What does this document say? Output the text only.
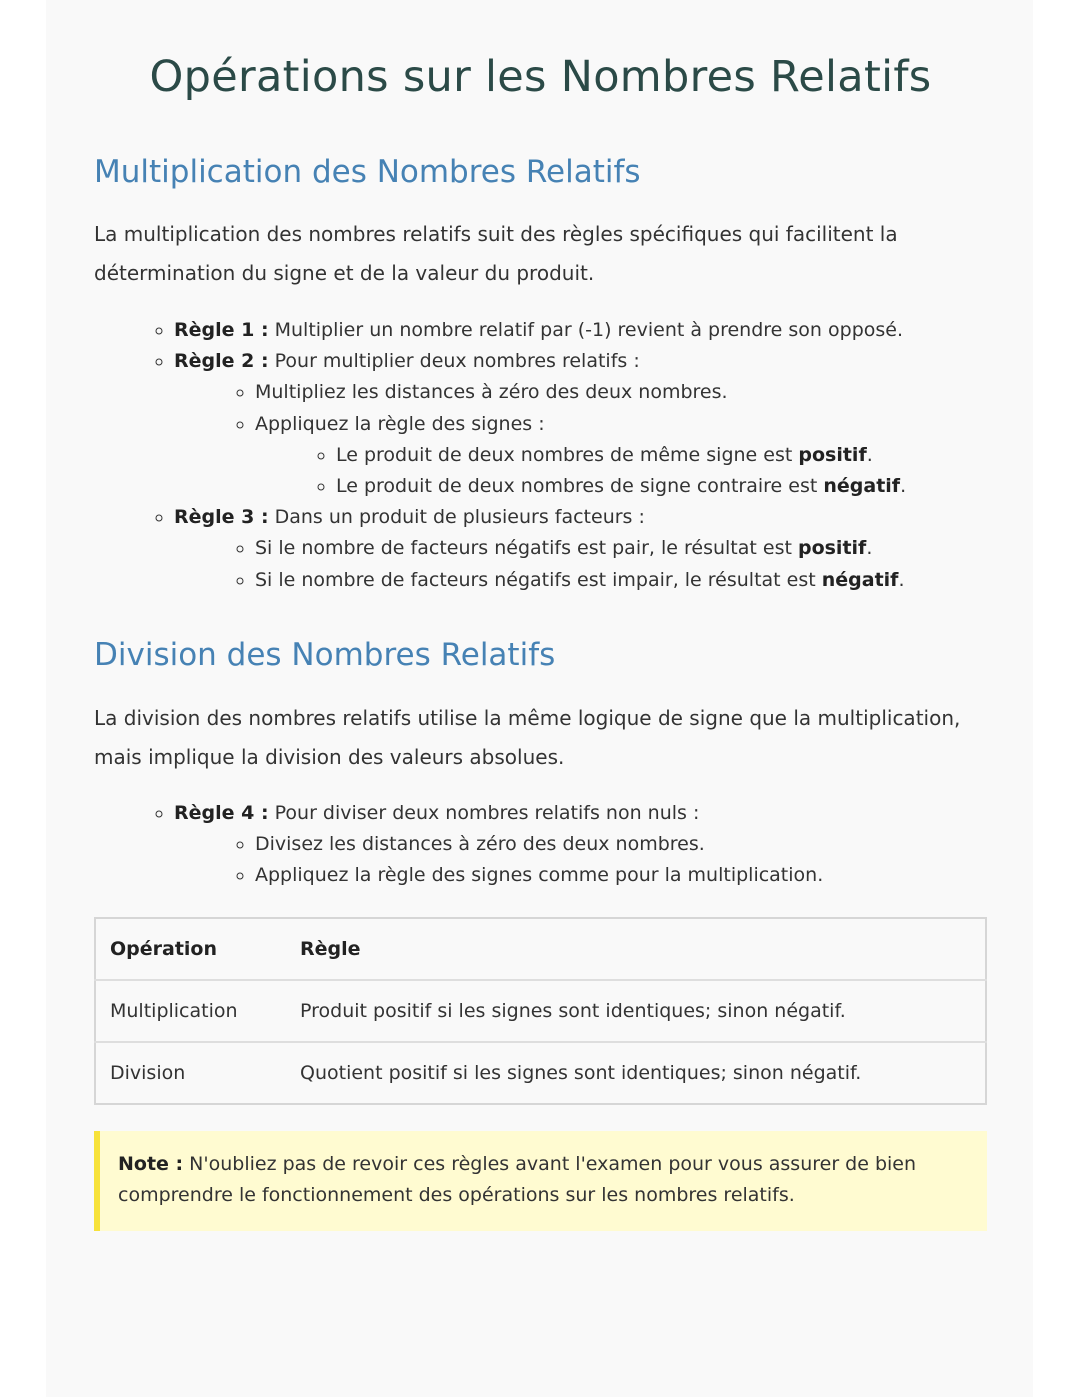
Opérations sur les Nombres Relatifs
Multiplication des Nombres Relatifs

La multiplication des nombres relatifs suit des règles spécifiques qui facilitent la détermination du signe et de la valeur du produit.

◦ Règle 1 : Multiplier un nombre relatif par (-1) revient à prendre son opposé.
◦ Règle 2 : Pour multiplier deux nombres relatifs :
◦ Multipliez les distances à zéro des deux nombres.
◦ Appliquez la règle des signes :
◦ Le produit de deux nombres de même signe est positif.
◦ Le produit de deux nombres de signe contraire est négatif.
◦ Règle 3 : Dans un produit de plusieurs facteurs :
◦ Si le nombre de facteurs négatifs est pair, le résultat est positif.
◦ Si le nombre de facteurs négatifs est impair, le résultat est négatif.
Division des Nombres Relatifs

La division des nombres relatifs utilise la même logique de signe que la multiplication, mais implique la division des valeurs absolues.

◦ Règle 4 : Pour diviser deux nombres relatifs non nuls :
◦ Divisez les distances à zéro des deux nombres.
◦ Appliquez la règle des signes comme pour la multiplication.
Opération	Règle
Multiplication	Produit positif si les signes sont identiques; sinon négatif.
Division	Quotient positif si les signes sont identiques; sinon négatif.
Note : N'oubliez pas de revoir ces règles avant l'examen pour vous assurer de bien comprendre le fonctionnement des opérations sur les nombres relatifs.
